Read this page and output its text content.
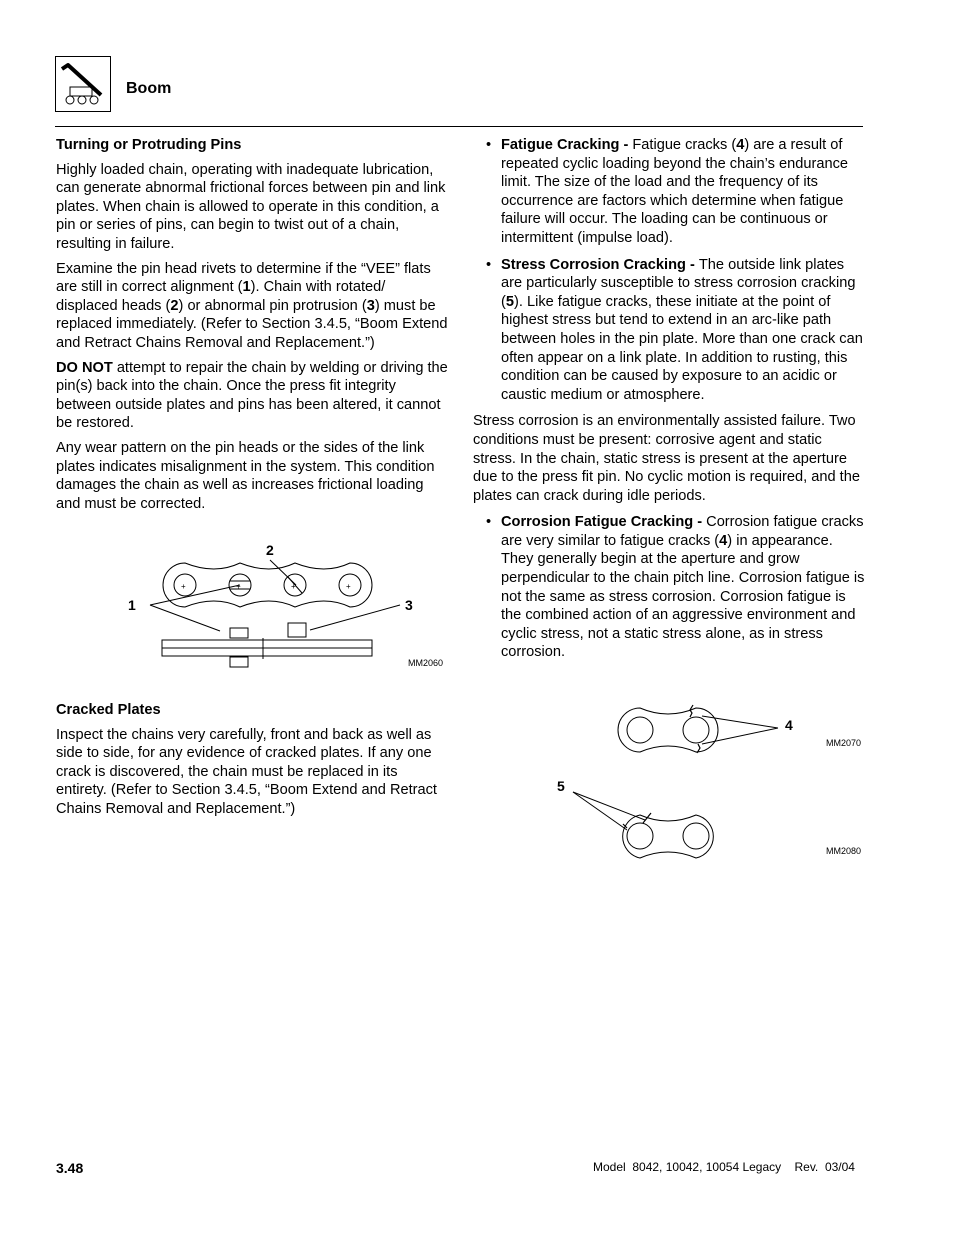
Boom

Turning or Protruding Pins

Highly loaded chain, operating with inadequate lubrication, can generate abnormal frictional forces between pin and link plates. When chain is allowed to operate in this condition, a pin or series of pins, can begin to twist out of a chain, resulting in failure.

Examine the pin head rivets to determine if the “VEE” flats are still in correct alignment (1). Chain with rotated/ displaced heads (2) or abnormal pin protrusion (3) must be replaced immediately. (Refer to Section 3.4.5, “Boom Extend and Retract Chains Removal and Replacement.”)

DO NOT attempt to repair the chain by welding or driving the pin(s) back into the chain. Once the press fit integrity between outside plates and pins has been altered, it cannot be restored.

Any wear pattern on the pin heads or the sides of the link plates indicates misalignment in the system. This condition damages the chain as well as increases frictional loading and must be corrected.

+	+	+	+
1
2
3
MM2060

Cracked Plates

Inspect the chains very carefully, front and back as well as side to side, for any evidence of cracked plates. If any one crack is discovered, the chain must be replaced in its entirety. (Refer to Section 3.4.5, “Boom Extend and Retract Chains Removal and Replacement.”)

• Fatigue Cracking - Fatigue cracks (4) are a result of repeated cyclic loading beyond the chain’s endurance limit. The size of the load and the frequency of its occurrence are factors which determine when fatigue failure will occur. The loading can be continuous or intermittent (impulse load).
• Stress Corrosion Cracking - The outside link plates are particularly susceptible to stress corrosion cracking (5). Like fatigue cracks, these initiate at the point of highest stress but tend to extend in an arc-like path between holes in the pin plate. More than one crack can often appear on a link plate. In addition to rusting, this condition can be caused by exposure to an acidic or caustic medium or atmosphere.

Stress corrosion is an environmentally assisted failure. Two conditions must be present: corrosive agent and static stress. In the chain, static stress is present at the aperture due to the press fit pin. No cyclic motion is required, and the plates can crack during idle periods.

• Corrosion Fatigue Cracking - Corrosion fatigue cracks are very similar to fatigue cracks (4) in appearance. They generally begin at the aperture and grow perpendicular to the chain pitch line. Corrosion fatigue is not the same as stress corrosion. Corrosion fatigue is the combined action of an aggressive environment and cyclic stress, not a static stress alone, as in stress corrosion.
4
MM2070
5
MM2080
3.48	Model  8042, 10042, 10054 Legacy    Rev.  03/04
